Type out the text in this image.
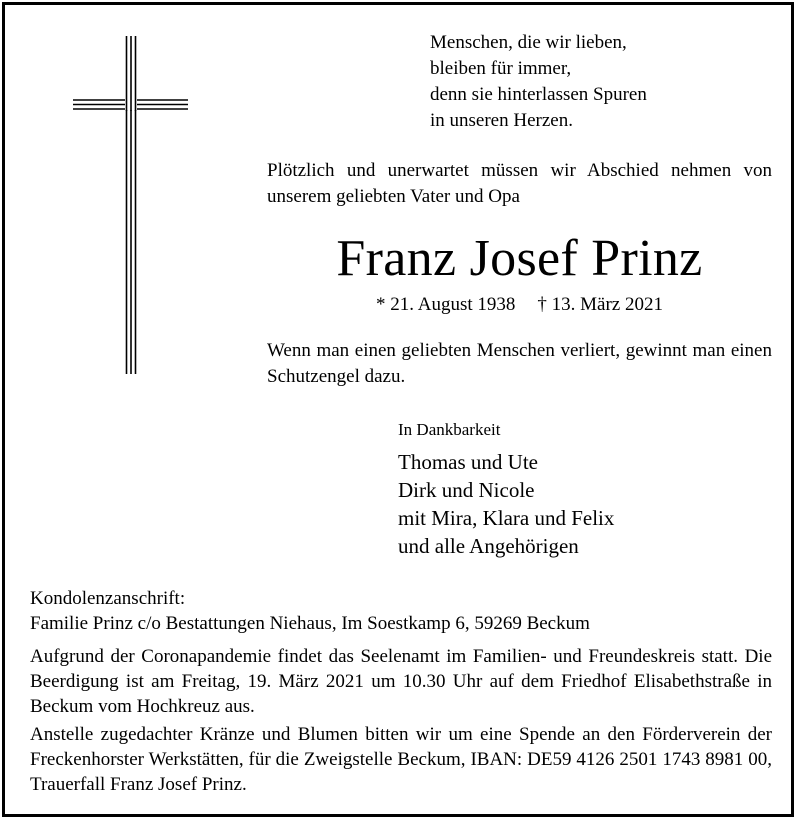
Menschen, die wir lieben,
bleiben für immer,
denn sie hinterlassen Spuren
in unseren Herzen.
Plötzlich und unerwartet müssen wir Abschied nehmen von unserem geliebten Vater und Opa
Franz Josef Prinz
* 21. August 1938 † 13. März 2021
Wenn man einen geliebten Menschen verliert, gewinnt man einen Schutzengel dazu.
In Dankbarkeit
Thomas und Ute
Dirk und Nicole
mit Mira, Klara und Felix
und alle Angehörigen
Kondolenzanschrift:
Familie Prinz c/o Bestattungen Niehaus, Im Soestkamp 6, 59269 Beckum
Aufgrund der Coronapandemie findet das Seelenamt im Familien- und Freundeskreis statt. Die Beerdigung ist am Freitag, 19. März 2021 um 10.30 Uhr auf dem Friedhof Elisabethstraße in Beckum vom Hochkreuz aus.
Anstelle zugedachter Kränze und Blumen bitten wir um eine Spende an den Förderverein der Freckenhorster Werkstätten, für die Zweigstelle Beckum, IBAN: DE59 4126 2501 1743 8981 00, Trauerfall Franz Josef Prinz.
